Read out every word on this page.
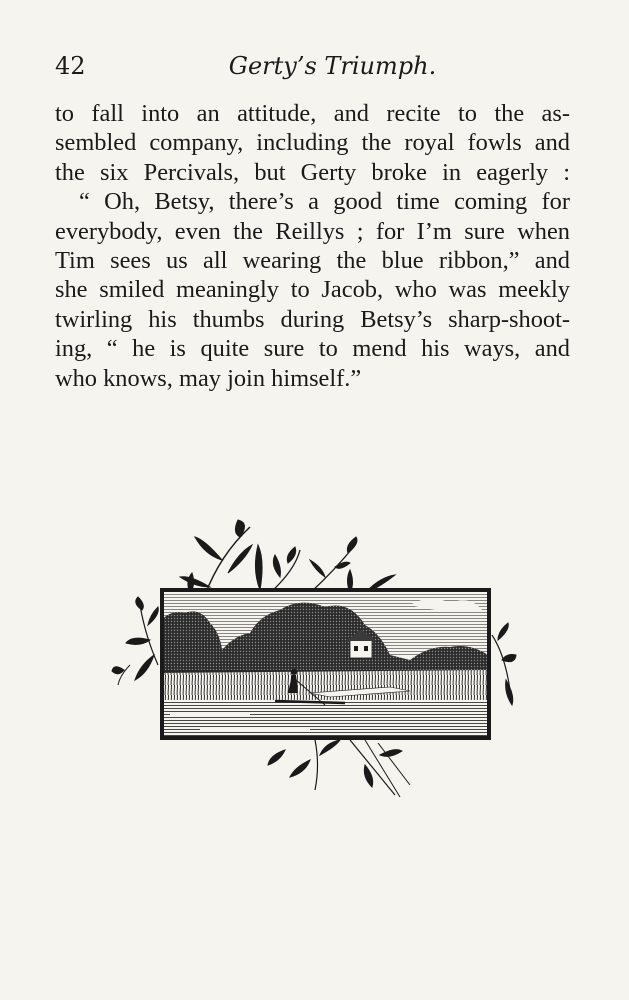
42	Gerty’s Triumph.
to fall into an attitude, and recite to the as-
sembled company, including the royal fowls and
the six Percivals, but Gerty broke in eagerly :
“ Oh, Betsy, there’s a good time coming for
everybody, even the Reillys ; for I’m sure when
Tim sees us all wearing the blue ribbon,” and
she smiled meaningly to Jacob, who was meekly
twirling his thumbs during Betsy’s sharp-shoot-
ing, “ he is quite sure to mend his ways, and
who knows, may join himself.”
